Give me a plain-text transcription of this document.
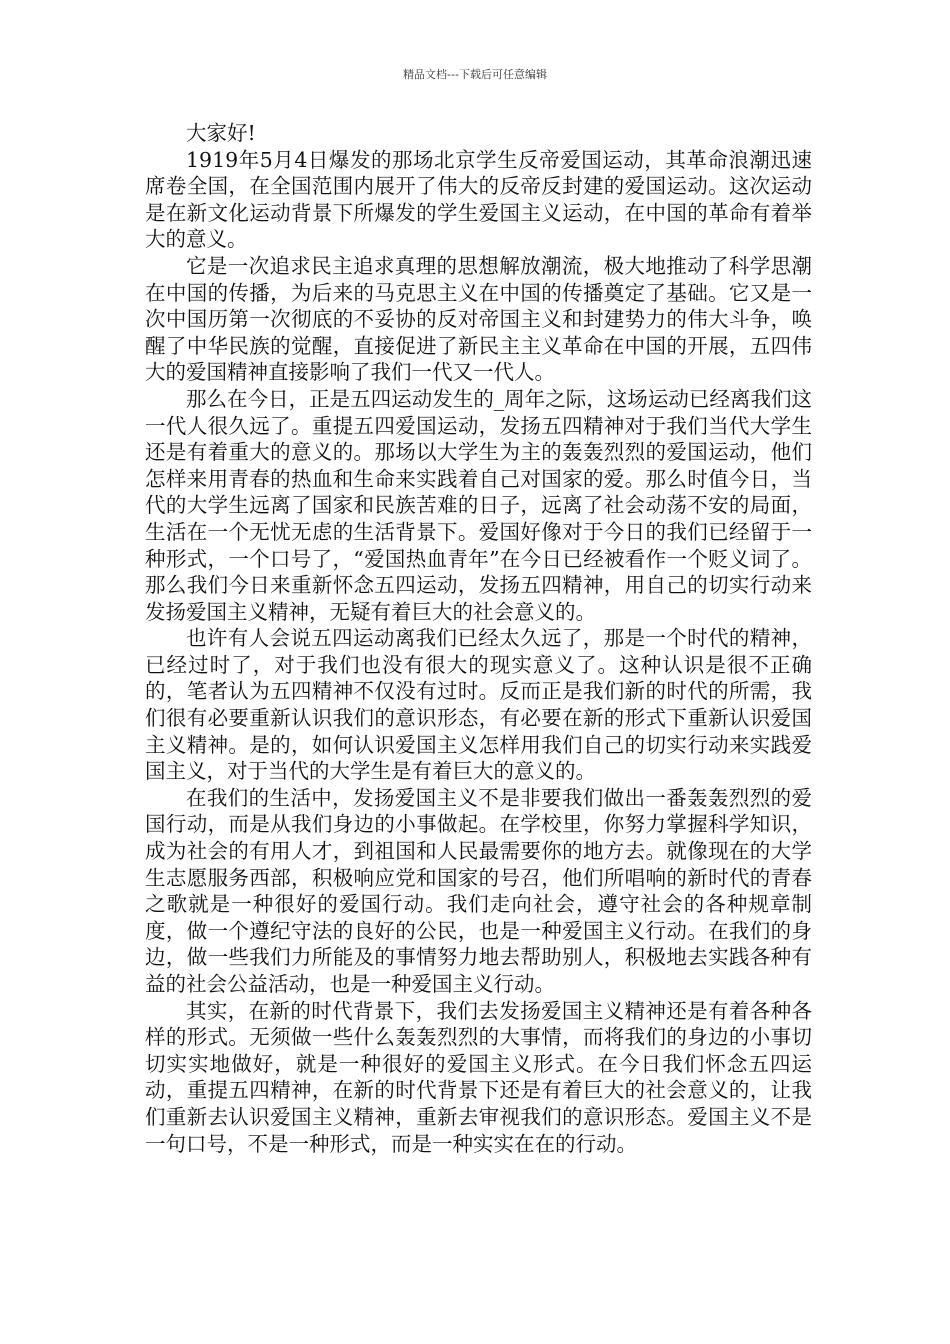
精品文档---下载后可任意编辑

大家好!

1919年5月4日爆发的那场北京学生反帝爱国运动，其革命浪潮迅速席卷全国，在全国范围内展开了伟大的反帝反封建的爱国运动。这次运动是在新文化运动背景下所爆发的学生爱国主义运动，在中国的革命有着举大的意义。

它是一次追求民主追求真理的思想解放潮流，极大地推动了科学思潮在中国的传播，为后来的马克思主义在中国的传播奠定了基础。它又是一次中国历第一次彻底的不妥协的反对帝国主义和封建势力的伟大斗争，唤醒了中华民族的觉醒，直接促进了新民主主义革命在中国的开展，五四伟大的爱国精神直接影响了我们一代又一代人。

那么在今日，正是五四运动发生的_周年之际，这场运动已经离我们这一代人很久远了。重提五四爱国运动，发扬五四精神对于我们当代大学生还是有着重大的意义的。那场以大学生为主的轰轰烈烈的爱国运动，他们怎样来用青春的热血和生命来实践着自己对国家的爱。那么时值今日，当代的大学生远离了国家和民族苦难的日子，远离了社会动荡不安的局面，生活在一个无忧无虑的生活背景下。爱国好像对于今日的我们已经留于一种形式，一个口号了，“爱国热血青年”在今日已经被看作一个贬义词了。那么我们今日来重新怀念五四运动，发扬五四精神，用自己的切实行动来发扬爱国主义精神，无疑有着巨大的社会意义的。

也许有人会说五四运动离我们已经太久远了，那是一个时代的精神，已经过时了，对于我们也没有很大的现实意义了。这种认识是很不正确的，笔者认为五四精神不仅没有过时。反而正是我们新的时代的所需，我们很有必要重新认识我们的意识形态，有必要在新的形式下重新认识爱国主义精神。是的，如何认识爱国主义怎样用我们自己的切实行动来实践爱国主义，对于当代的大学生是有着巨大的意义的。

在我们的生活中，发扬爱国主义不是非要我们做出一番轰轰烈烈的爱国行动，而是从我们身边的小事做起。在学校里，你努力掌握科学知识，成为社会的有用人才，到祖国和人民最需要你的地方去。就像现在的大学生志愿服务西部，积极响应党和国家的号召，他们所唱响的新时代的青春之歌就是一种很好的爱国行动。我们走向社会，遵守社会的各种规章制度，做一个遵纪守法的良好的公民，也是一种爱国主义行动。在我们的身边，做一些我们力所能及的事情努力地去帮助别人，积极地去实践各种有益的社会公益活动，也是一种爱国主义行动。

其实，在新的时代背景下，我们去发扬爱国主义精神还是有着各种各样的形式。无须做一些什么轰轰烈烈的大事情，而将我们的身边的小事切切实实地做好，就是一种很好的爱国主义形式。在今日我们怀念五四运动，重提五四精神，在新的时代背景下还是有着巨大的社会意义的，让我们重新去认识爱国主义精神，重新去审视我们的意识形态。爱国主义不是一句口号，不是一种形式，而是一种实实在在的行动。
